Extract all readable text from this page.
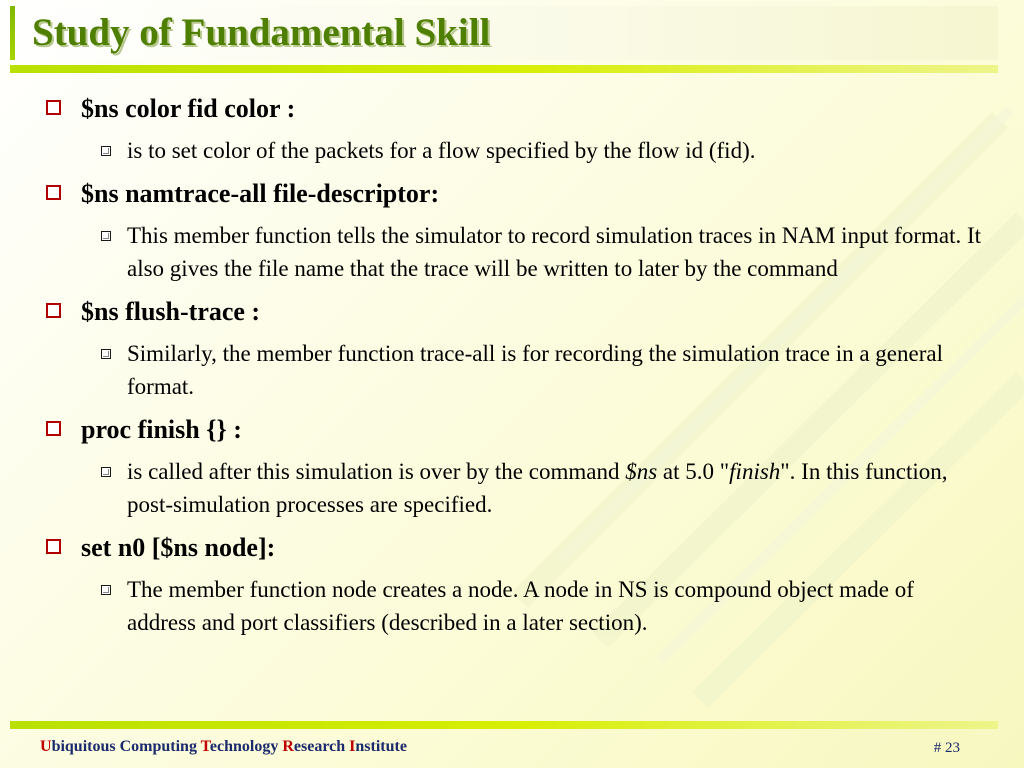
Study of Fundamental Skill
$ns color fid color :
is to set color of the packets for a flow specified by the flow id (fid).
$ns namtrace-all file-descriptor:
This member function tells the simulator to record simulation traces in NAM input format. It also gives the file name that the trace will be written to later by the command
$ns flush-trace :
Similarly, the member function trace-all is for recording the simulation trace in a general format.
proc finish {} :
is called after this simulation is over by the command $ns at 5.0 "finish". In this function, post-simulation processes are specified.
set n0 [$ns node]:
The member function node creates a node. A node in NS is compound object made of address and port classifiers (described in a later section).
Ubiquitous Computing Technology Research Institute	# 23
